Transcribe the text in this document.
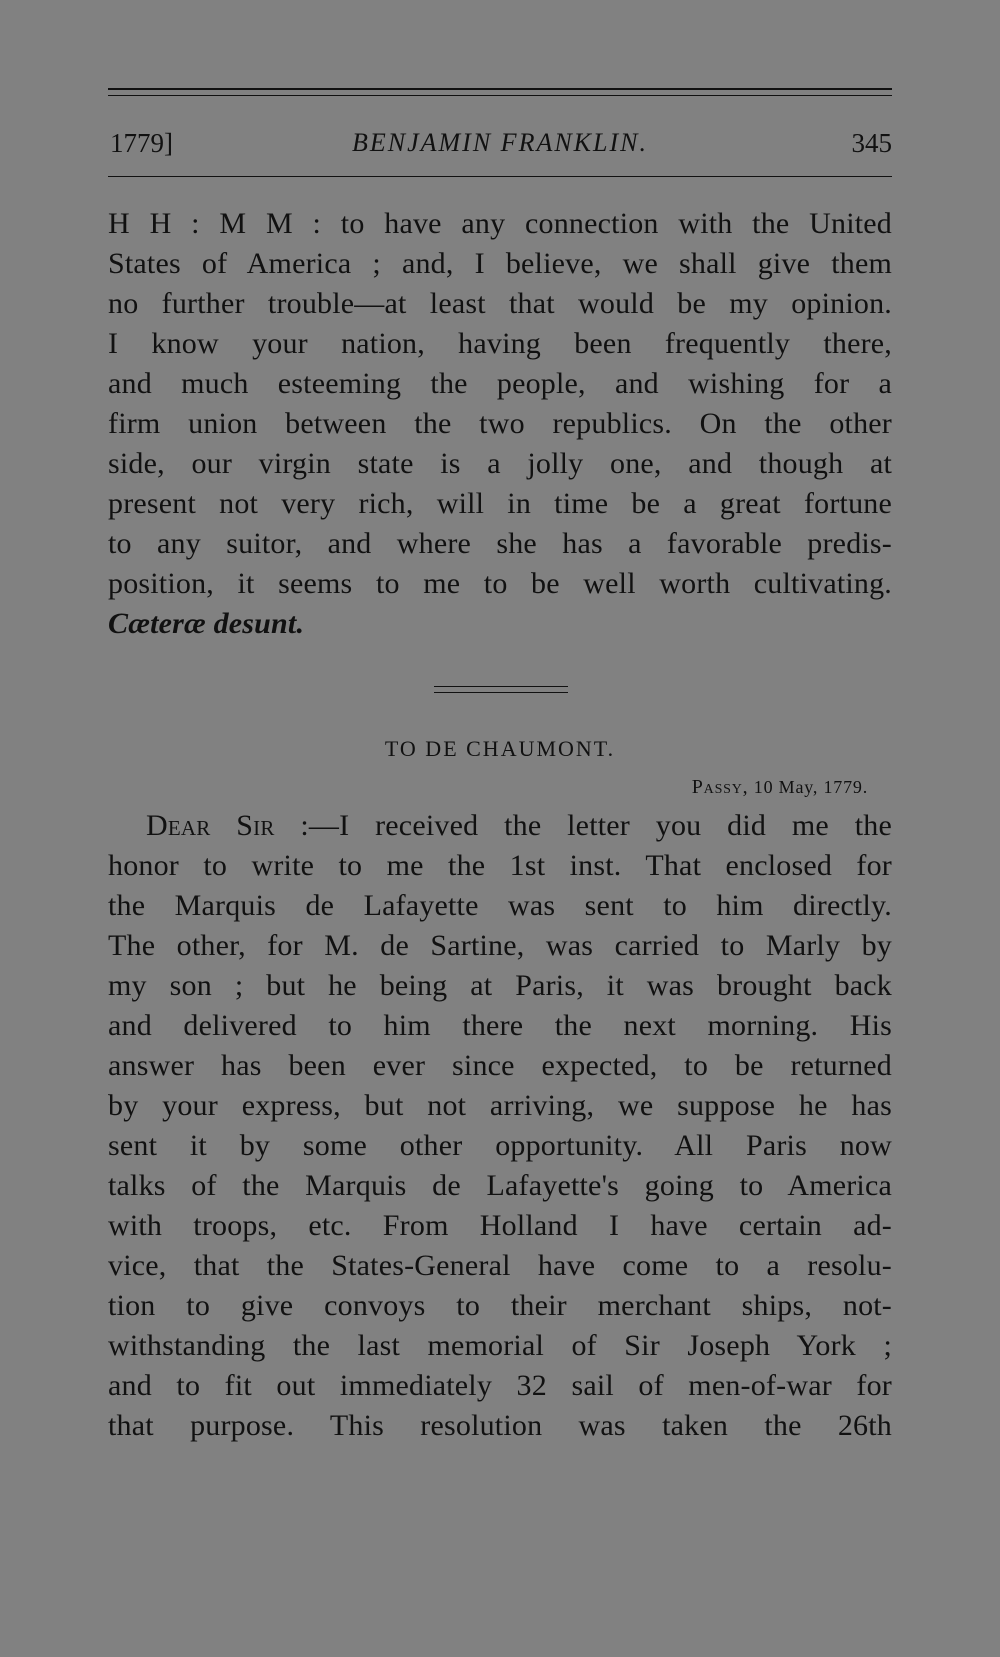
1779]	BENJAMIN FRANKLIN.	345
H H : M M : to have any connection with the United
States of America ; and, I believe, we shall give them
no further trouble—at least that would be my opinion.
I know your nation, having been frequently there,
and much esteeming the people, and wishing for a
firm union between the two republics. On the other
side, our virgin state is a jolly one, and though at
present not very rich, will in time be a great fortune
to any suitor, and where she has a favorable predis-
position, it seems to me to be well worth cultivating.
Cæteræ desunt.
TO DE CHAUMONT.
Passy, 10 May, 1779.
Dear Sir :—I received the letter you did me the
honor to write to me the 1st inst. That enclosed for
the Marquis de Lafayette was sent to him directly.
The other, for M. de Sartine, was carried to Marly by
my son ; but he being at Paris, it was brought back
and delivered to him there the next morning. His
answer has been ever since expected, to be returned
by your express, but not arriving, we suppose he has
sent it by some other opportunity. All Paris now
talks of the Marquis de Lafayette's going to America
with troops, etc. From Holland I have certain ad-
vice, that the States-General have come to a resolu-
tion to give convoys to their merchant ships, not-
withstanding the last memorial of Sir Joseph York ;
and to fit out immediately 32 sail of men-of-war for
that purpose. This resolution was taken the 26th
